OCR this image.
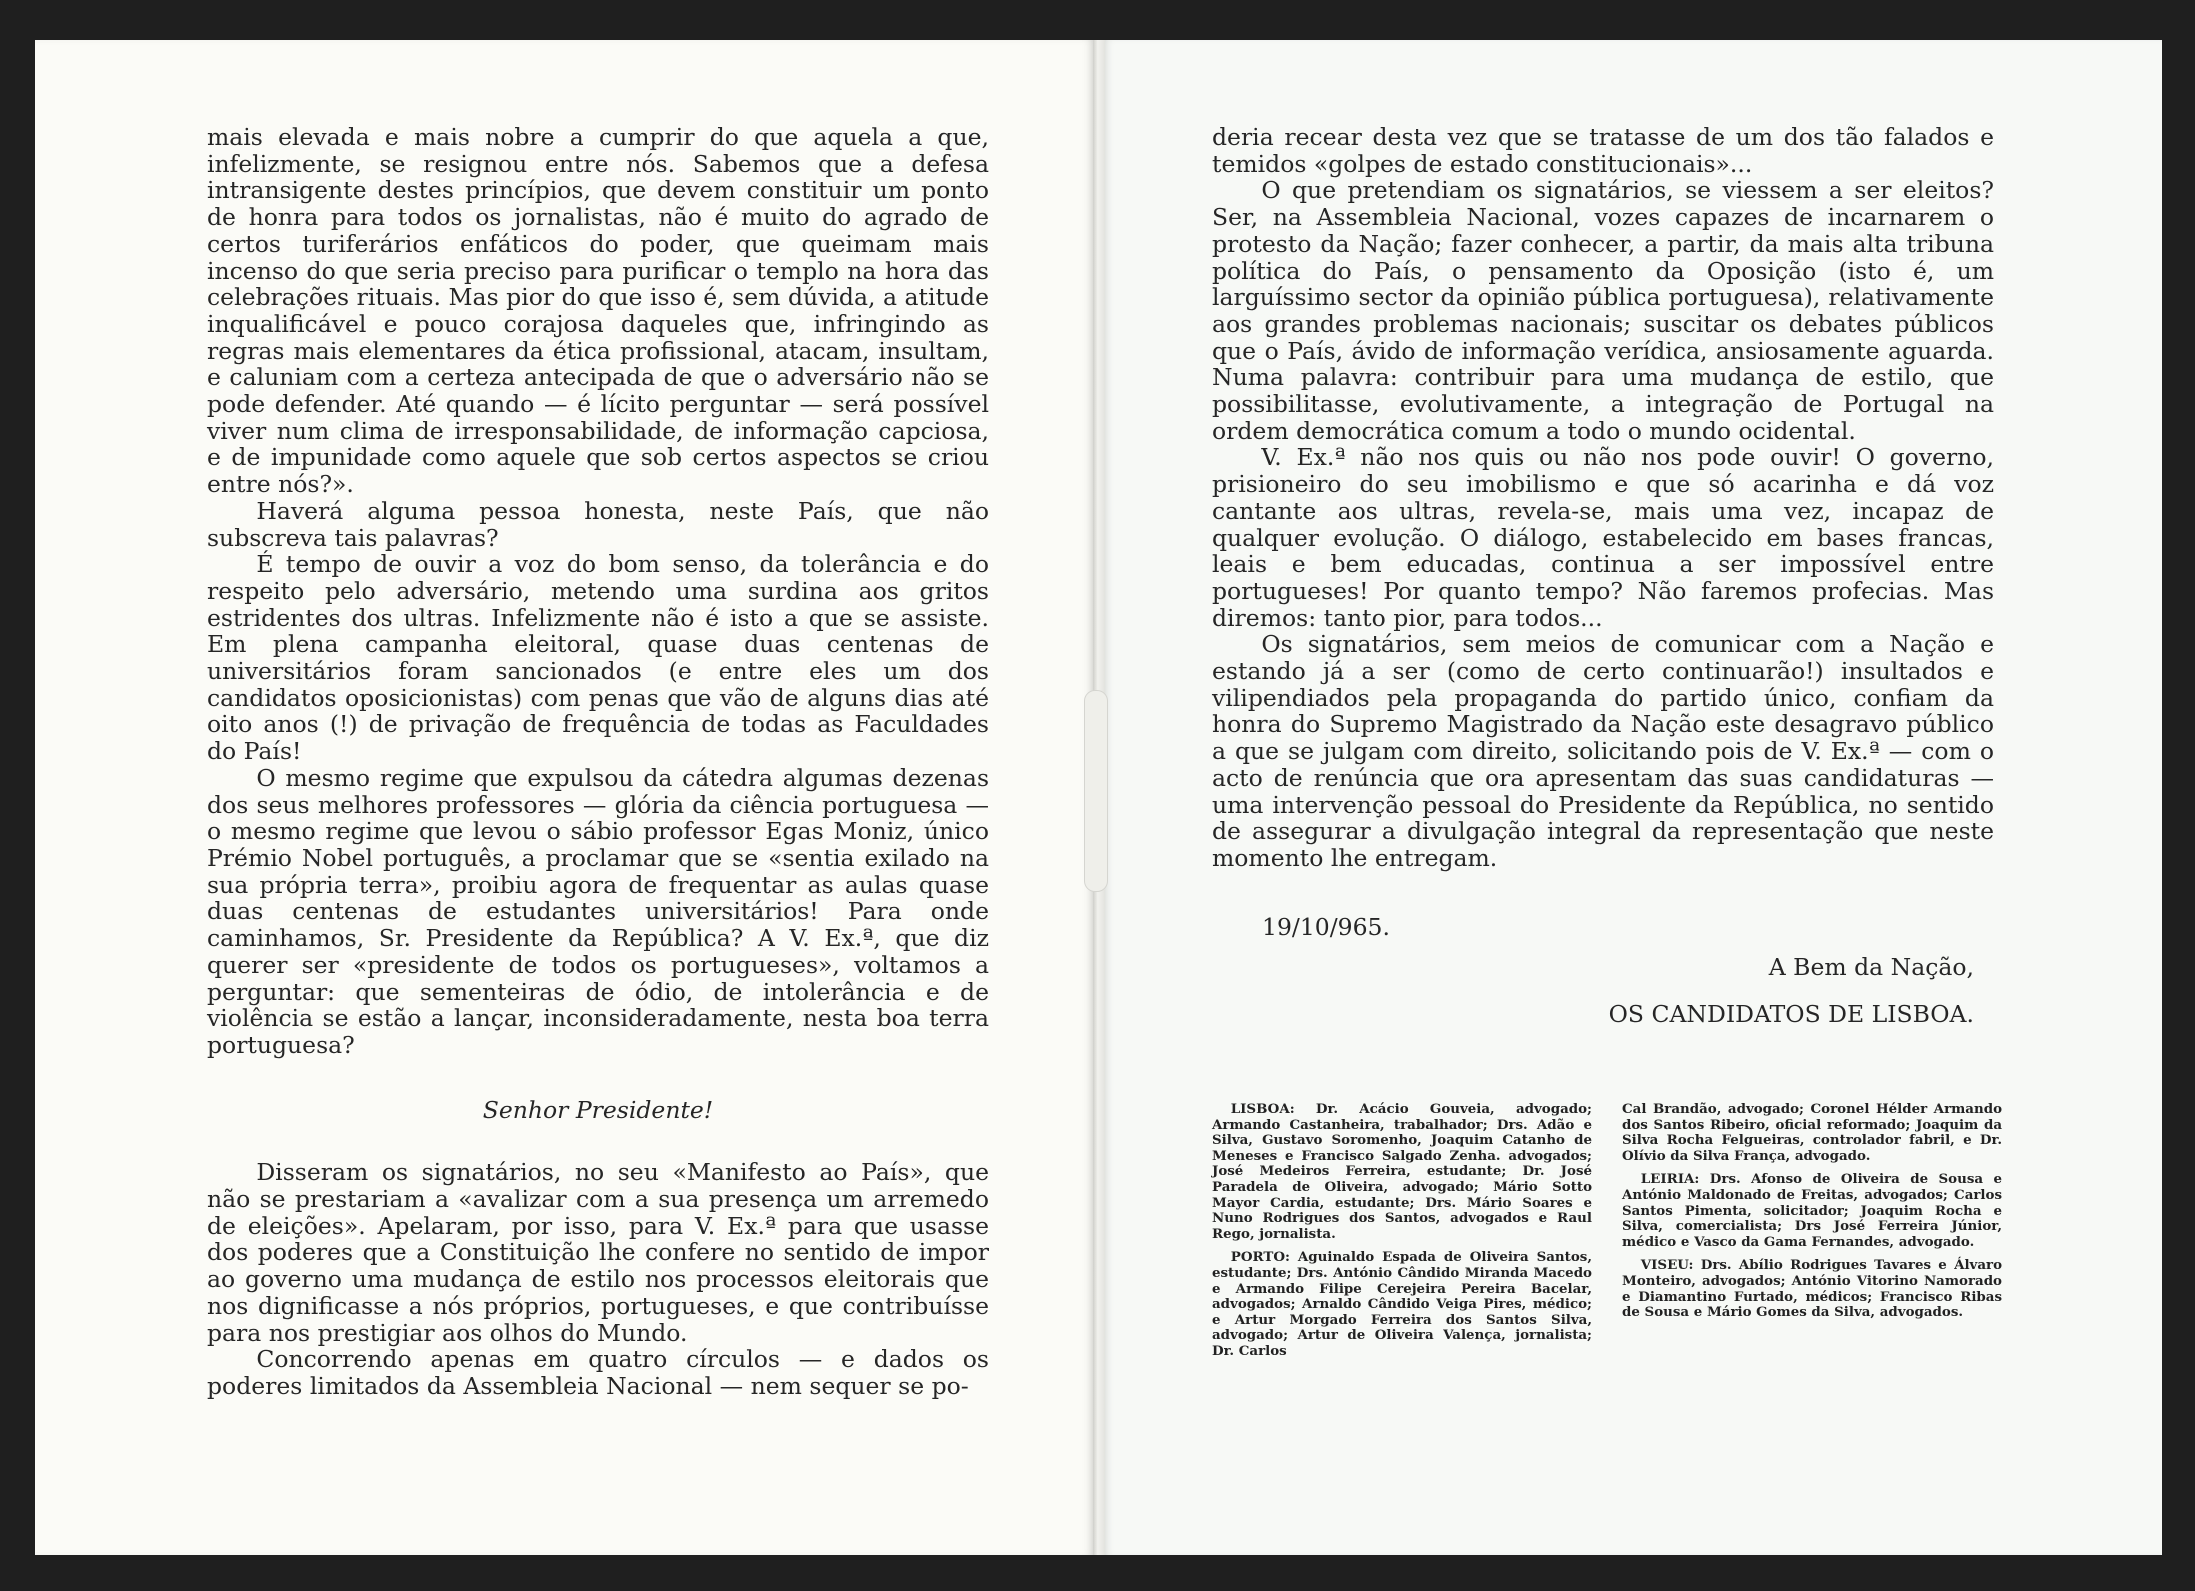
mais elevada e mais nobre a cumprir do que aquela a que, infelizmente, se resignou entre nós. Sabemos que a defesa intransigente destes princípios, que devem constituir um ponto de honra para todos os jornalistas, não é muito do agrado de certos turiferários enfáticos do poder, que queimam mais incenso do que seria preciso para purificar o templo na hora das celebrações rituais. Mas pior do que isso é, sem dúvida, a atitude inqualificável e pouco corajosa daqueles que, infringindo as regras mais elementares da ética profissional, atacam, insultam, e caluniam com a certeza antecipada de que o adversário não se pode defender. Até quando — é lícito perguntar — será possível viver num clima de irresponsabilidade, de informação capciosa, e de impunidade como aquele que sob certos aspectos se criou entre nós?».

Haverá alguma pessoa honesta, neste País, que não subscreva tais palavras?

É tempo de ouvir a voz do bom senso, da tolerância e do respeito pelo adversário, metendo uma surdina aos gritos estridentes dos ultras. Infelizmente não é isto a que se assiste. Em plena campanha eleitoral, quase duas centenas de universitários foram sancionados (e entre eles um dos candidatos oposicionistas) com penas que vão de alguns dias até oito anos (!) de privação de frequência de todas as Faculdades do País!

O mesmo regime que expulsou da cátedra algumas dezenas dos seus melhores professores — glória da ciência portuguesa — o mesmo regime que levou o sábio professor Egas Moniz, único Prémio Nobel português, a proclamar que se «sentia exilado na sua própria terra», proibiu agora de frequentar as aulas quase duas centenas de estudantes universitários! Para onde caminhamos, Sr. Presidente da República? A V. Ex.ª, que diz querer ser «presidente de todos os portugueses», voltamos a perguntar: que sementeiras de ódio, de intolerância e de violência se estão a lançar, inconsideradamente, nesta boa terra portuguesa?

Senhor Presidente!

Disseram os signatários, no seu «Manifesto ao País», que não se prestariam a «avalizar com a sua presença um arremedo de eleições». Apelaram, por isso, para V. Ex.ª para que usasse dos poderes que a Constituição lhe confere no sentido de impor ao governo uma mudança de estilo nos processos eleitorais que nos dignificasse a nós próprios, portugueses, e que contribuísse para nos prestigiar aos olhos do Mundo.

Concorrendo apenas em quatro círculos — e dados os poderes limitados da Assembleia Nacional — nem sequer se po-

deria recear desta vez que se tratasse de um dos tão falados e temidos «golpes de estado constitucionais»...

O que pretendiam os signatários, se viessem a ser eleitos? Ser, na Assembleia Nacional, vozes capazes de incarnarem o protesto da Nação; fazer conhecer, a partir, da mais alta tribuna política do País, o pensamento da Oposição (isto é, um larguíssimo sector da opinião pública portuguesa), relativamente aos grandes problemas nacionais; suscitar os debates públicos que o País, ávido de informação verídica, ansiosamente aguarda. Numa palavra: contribuir para uma mudança de estilo, que possibilitasse, evolutivamente, a integração de Portugal na ordem democrática comum a todo o mundo ocidental.

V. Ex.ª não nos quis ou não nos pode ouvir! O governo, prisioneiro do seu imobilismo e que só acarinha e dá voz cantante aos ultras, revela-se, mais uma vez, incapaz de qualquer evolução. O diálogo, estabelecido em bases francas, leais e bem educadas, continua a ser impossível entre portugueses! Por quanto tempo? Não faremos profecias. Mas diremos: tanto pior, para todos...

Os signatários, sem meios de comunicar com a Nação e estando já a ser (como de certo continuarão!) insultados e vilipendiados pela propaganda do partido único, confiam da honra do Supremo Magistrado da Nação este desagravo público a que se julgam com direito, solicitando pois de V. Ex.ª — com o acto de renúncia que ora apresentam das suas candidaturas — uma intervenção pessoal do Presidente da República, no sentido de assegurar a divulgação integral da representação que neste momento lhe entregam.

19/10/965.

A Bem da Nação,

OS CANDIDATOS DE LISBOA.

LISBOA: Dr. Acácio Gouveia, advogado; Armando Castanheira, trabalhador; Drs. Adão e Silva, Gustavo Soromenho, Joaquim Catanho de Meneses e Francisco Salgado Zenha. advogados; José Medeiros Ferreira, estudante; Dr. José Paradela de Oliveira, advogado; Mário Sotto Mayor Cardia, estudante; Drs. Mário Soares e Nuno Rodrigues dos Santos, advogados e Raul Rego, jornalista.

PORTO: Aguinaldo Espada de Oliveira Santos, estudante; Drs. António Cândido Miranda Macedo e Armando Filipe Cerejeira Pereira Bacelar, advogados; Arnaldo Cândido Veiga Pires, médico; e Artur Morgado Ferreira dos Santos Silva, advogado; Artur de Oliveira Valença, jornalista; Dr. Carlos

Cal Brandão, advogado; Coronel Hélder Armando dos Santos Ribeiro, oficial reformado; Joaquim da Silva Rocha Felgueiras, controlador fabril, e Dr. Olívio da Silva França, advogado.

LEIRIA: Drs. Afonso de Oliveira de Sousa e António Maldonado de Freitas, advogados; Carlos Santos Pimenta, solicitador; Joaquim Rocha e Silva, comercialista; Drs José Ferreira Júnior, médico e Vasco da Gama Fernandes, advogado.

VISEU: Drs. Abílio Rodrigues Tavares e Álvaro Monteiro, advogados; António Vitorino Namorado e Diamantino Furtado, médicos; Francisco Ribas de Sousa e Mário Gomes da Silva, advogados.
